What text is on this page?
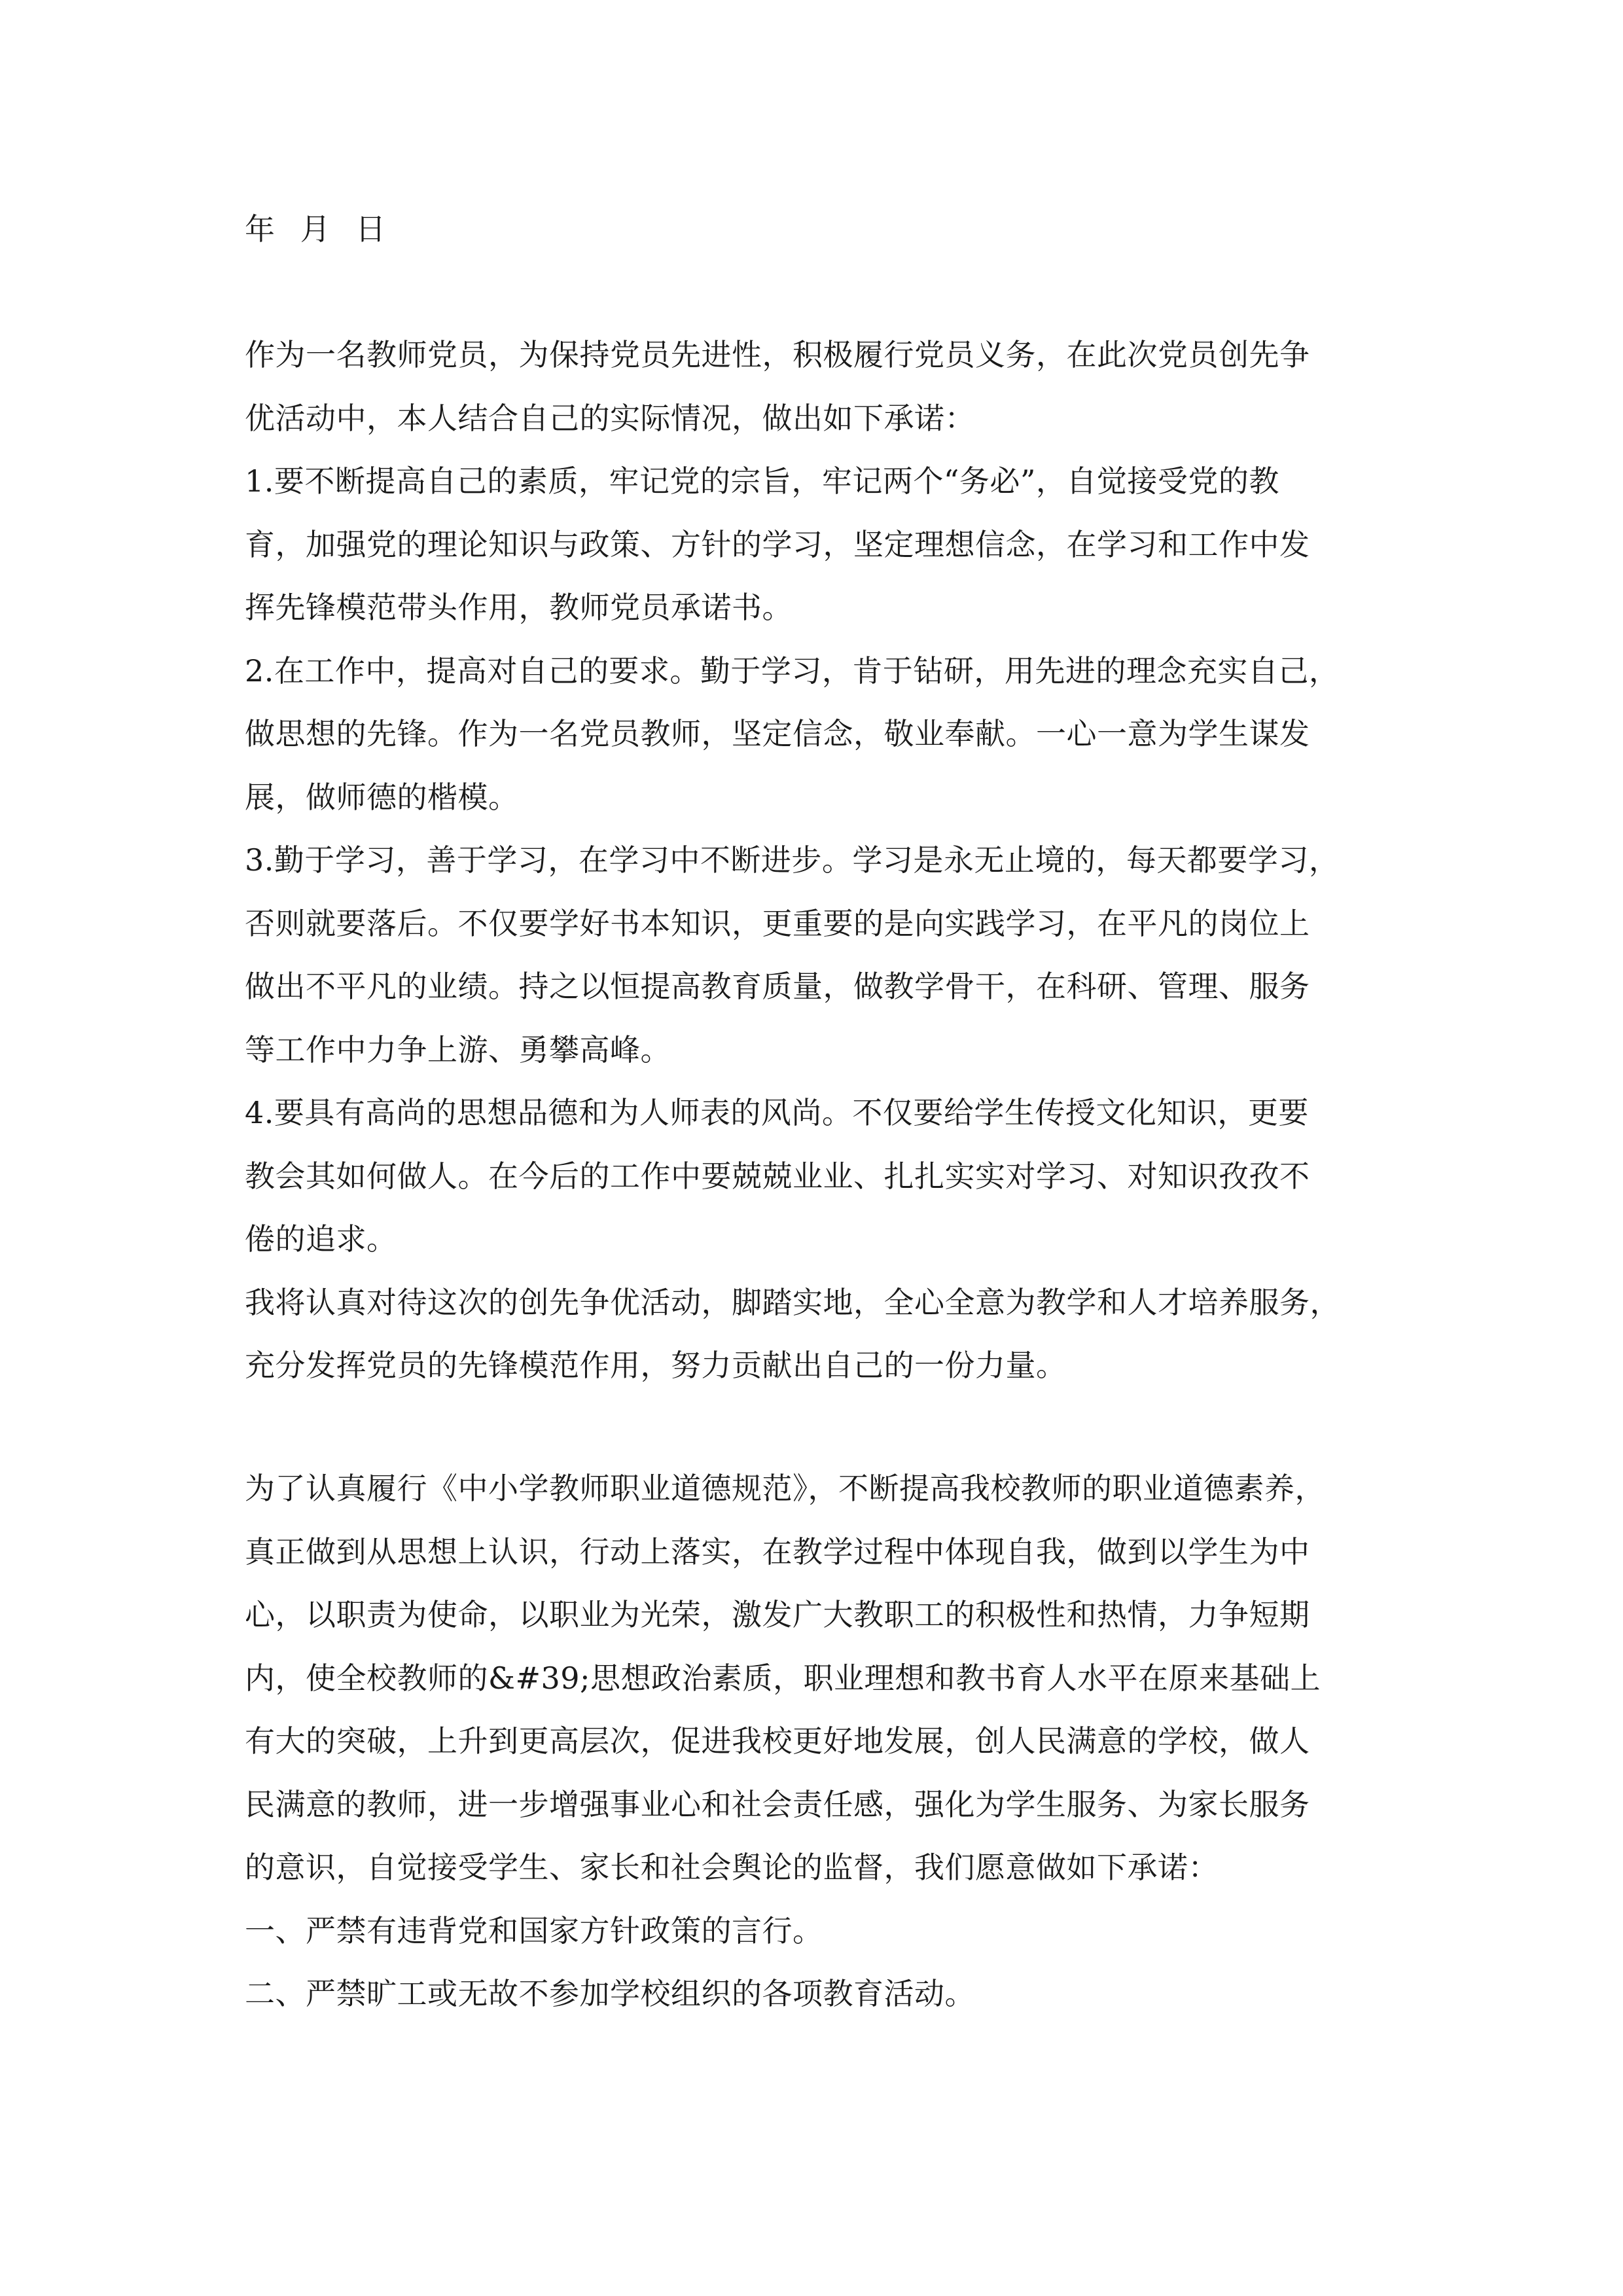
年 月 日
作为一名教师党员，为保持党员先进性，积极履行党员义务，在此次党员创先争
优活动中，本人结合自己的实际情况，做出如下承诺：
1.要不断提高自己的素质，牢记党的宗旨，牢记两个“务必”，自觉接受党的教
育，加强党的理论知识与政策、方针的学习，坚定理想信念，在学习和工作中发
挥先锋模范带头作用，教师党员承诺书。
2.在工作中，提高对自己的要求。勤于学习，肯于钻研，用先进的理念充实自己，
做思想的先锋。作为一名党员教师，坚定信念，敬业奉献。一心一意为学生谋发
展，做师德的楷模。
3.勤于学习，善于学习，在学习中不断进步。学习是永无止境的，每天都要学习，
否则就要落后。不仅要学好书本知识，更重要的是向实践学习，在平凡的岗位上
做出不平凡的业绩。持之以恒提高教育质量，做教学骨干，在科研、管理、服务
等工作中力争上游、勇攀高峰。
4.要具有高尚的思想品德和为人师表的风尚。不仅要给学生传授文化知识，更要
教会其如何做人。在今后的工作中要兢兢业业、扎扎实实对学习、对知识孜孜不
倦的追求。
我将认真对待这次的创先争优活动，脚踏实地，全心全意为教学和人才培养服务，
充分发挥党员的先锋模范作用，努力贡献出自己的一份力量。
为了认真履行《中小学教师职业道德规范》，不断提高我校教师的职业道德素养，
真正做到从思想上认识，行动上落实，在教学过程中体现自我，做到以学生为中
心，以职责为使命，以职业为光荣，激发广大教职工的积极性和热情，力争短期
内，使全校教师的&#39;思想政治素质，职业理想和教书育人水平在原来基础上
有大的突破，上升到更高层次，促进我校更好地发展，创人民满意的学校，做人
民满意的教师，进一步增强事业心和社会责任感，强化为学生服务、为家长服务
的意识，自觉接受学生、家长和社会舆论的监督，我们愿意做如下承诺：
一、严禁有违背党和国家方针政策的言行。
二、严禁旷工或无故不参加学校组织的各项教育活动。
